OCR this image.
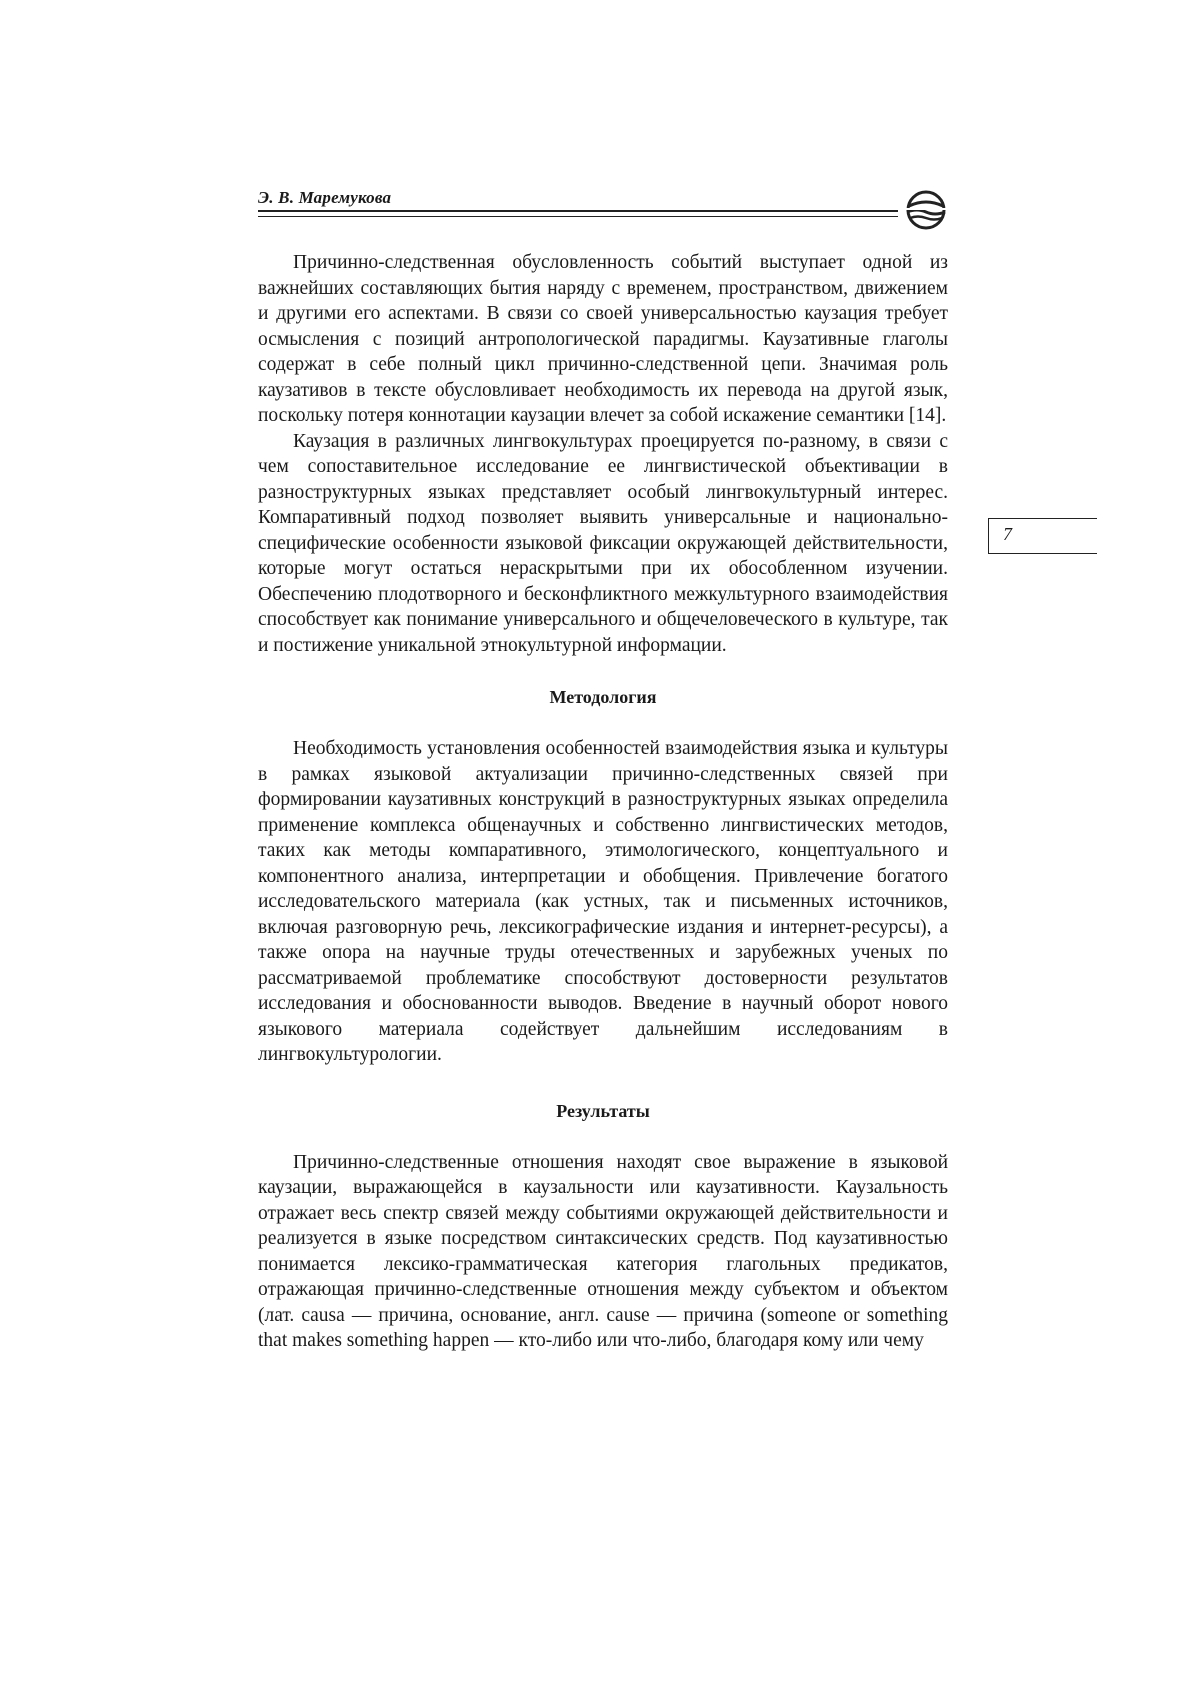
Э. В. Маремукова
7

Причинно-следственная обусловленность событий выступает одной из важнейших составляющих бытия наряду с временем, пространством, движением и другими его аспектами. В связи со своей универсальностью каузация требует осмысления с позиций антропологической парадигмы. Каузативные глаголы содержат в себе полный цикл причинно-следственной цепи. Значимая роль каузативов в тексте обусловливает необходимость их перевода на другой язык, поскольку потеря коннотации каузации влечет за собой искажение семантики [14].

Каузация в различных лингвокультурах проецируется по-разному, в связи с чем сопоставительное исследование ее лингвистической объективации в разноструктурных языках представляет особый лингвокультурный интерес. Компаративный подход позволяет выявить универсальные и национально-специфические особенности языковой фиксации окружающей действительности, которые могут остаться нераскрытыми при их обособленном изучении. Обеспечению плодотворного и бесконфликтного межкультурного взаимодействия способствует как понимание универсального и общечеловеческого в культуре, так и постижение уникальной этнокультурной информации.

Методология

Необходимость установления особенностей взаимодействия языка и культуры в рамках языковой актуализации причинно-следственных связей при формировании каузативных конструкций в разноструктурных языках определила применение комплекса общенаучных и собственно лингвистических методов, таких как методы компаративного, этимологического, концептуального и компонентного анализа, интерпретации и обобщения. Привлечение богатого исследовательского материала (как устных, так и письменных источников, включая разговорную речь, лексикографические издания и интернет-ресурсы), а также опора на научные труды отечественных и зарубежных ученых по рассматриваемой проблематике способствуют достоверности результатов исследования и обоснованности выводов. Введение в научный оборот нового языкового материала содействует дальнейшим исследованиям в лингвокультурологии.

Результаты

Причинно-следственные отношения находят свое выражение в языковой каузации, выражающейся в каузальности или каузативности. Каузальность отражает весь спектр связей между событиями окружающей действительности и реализуется в языке посредством синтаксических средств. Под каузативностью понимается лексико-грамматическая категория глагольных предикатов, отражающая причинно-следственные отношения между субъектом и объектом (лат. causa — причина, основание, англ. cause — причина (someone or something that makes something happen — кто-либо или что-либо, благодаря кому или чему
